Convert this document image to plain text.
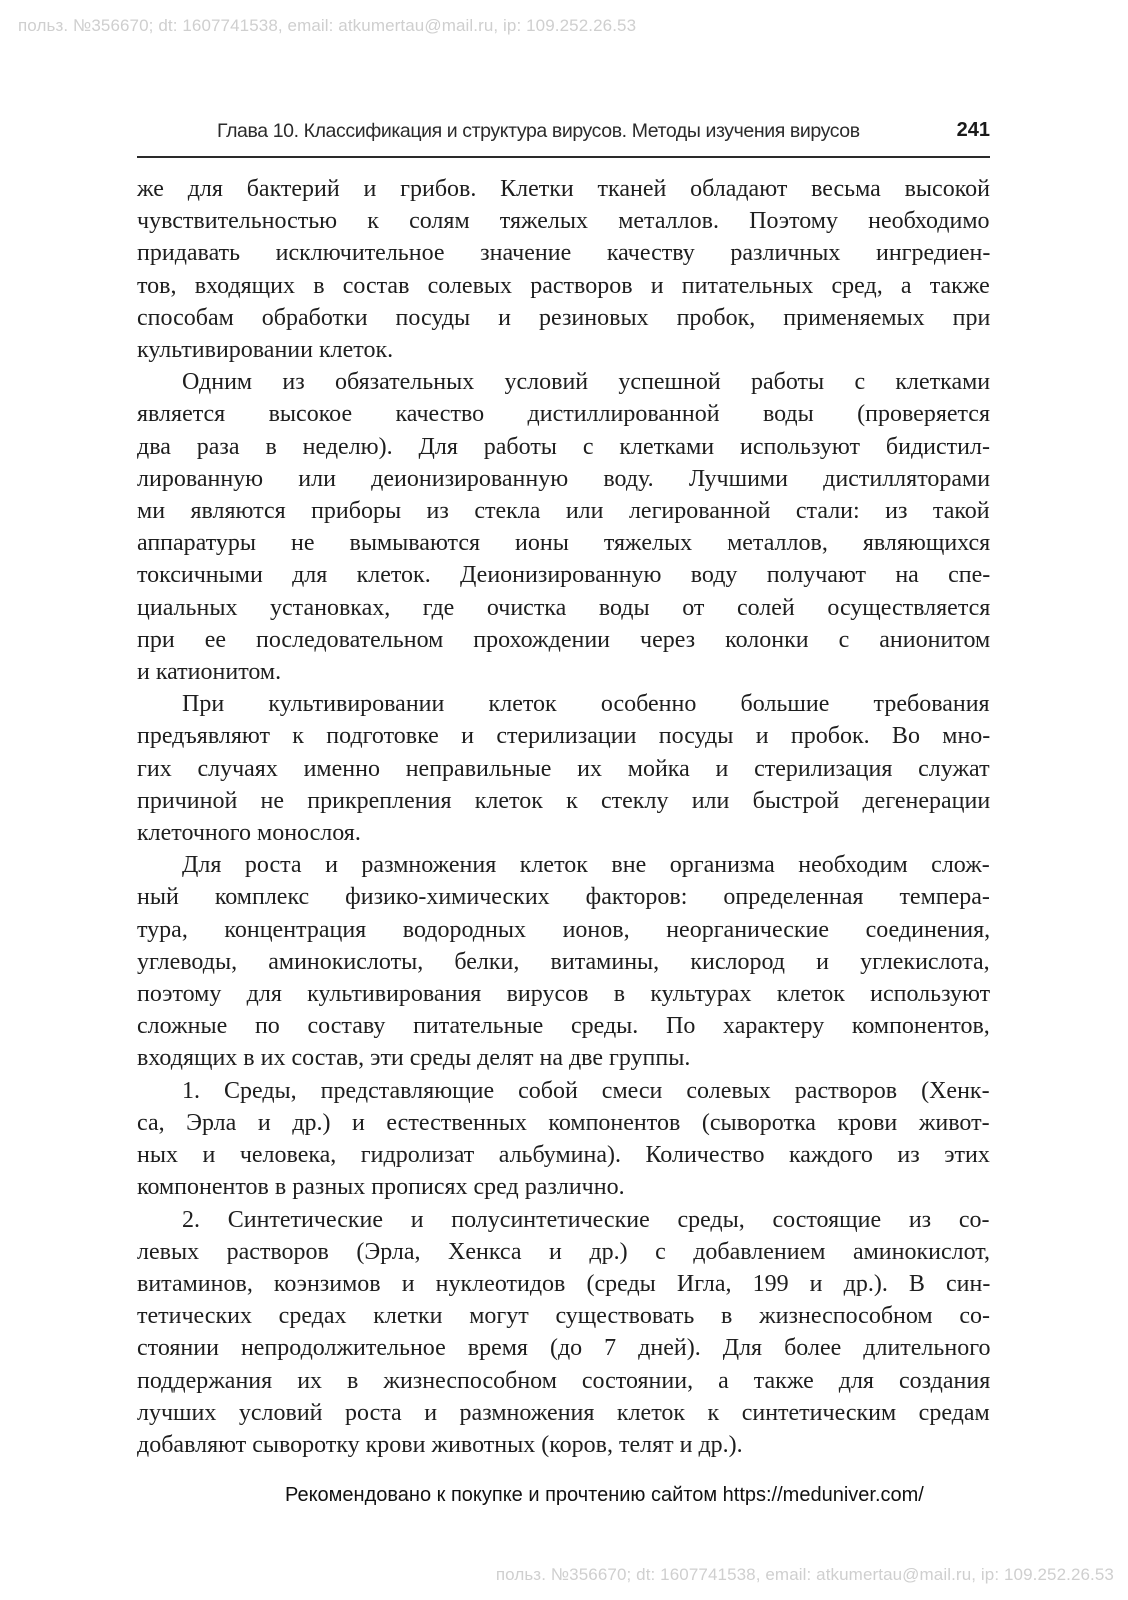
польз. №356670; dt: 1607741538, email: atkumertau@mail.ru, ip: 109.252.26.53

Глава 10. Классификация и структура вирусов. Методы изучения вирусов	241

же для бактерий и грибов. Клетки тканей обладают весьма высокой
чувствительностью к солям тяжелых металлов. Поэтому необходимо
придавать исключительное значение качеству различных ингредиен-
тов, входящих в состав солевых растворов и питательных сред, а также
способам обработки посуды и резиновых пробок, применяемых при
культивировании клеток.

Одним из обязательных условий успешной работы с клетками
является высокое качество дистиллированной воды (проверяется
два раза в неделю). Для работы с клетками используют бидистил-
лированную или деионизированную воду. Лучшими дистилляторами
ми являются приборы из стекла или легированной стали: из такой
аппаратуры не вымываются ионы тяжелых металлов, являющихся
токсичными для клеток. Деионизированную воду получают на спе-
циальных установках, где очистка воды от солей осуществляется
при ее последовательном прохождении через колонки с анионитом
и катионитом.

При культивировании клеток особенно большие требования
предъявляют к подготовке и стерилизации посуды и пробок. Во мно-
гих случаях именно неправильные их мойка и стерилизация служат
причиной не прикрепления клеток к стеклу или быстрой дегенерации
клеточного монослоя.

Для роста и размножения клеток вне организма необходим слож-
ный комплекс физико-химических факторов: определенная темпера-
тура, концентрация водородных ионов, неорганические соединения,
углеводы, аминокислоты, белки, витамины, кислород и углекислота,
поэтому для культивирования вирусов в культурах клеток используют
сложные по составу питательные среды. По характеру компонентов,
входящих в их состав, эти среды делят на две группы.

1. Среды, представляющие собой смеси солевых растворов (Хенк-
са, Эрла и др.) и естественных компонентов (сыворотка крови живот-
ных и человека, гидролизат альбумина). Количество каждого из этих
компонентов в разных прописях сред различно.

2. Синтетические и полусинтетические среды, состоящие из со-
левых растворов (Эрла, Хенкса и др.) с добавлением аминокислот,
витаминов, коэнзимов и нуклеотидов (среды Игла, 199 и др.). В син-
тетических средах клетки могут существовать в жизнеспособном со-
стоянии непродолжительное время (до 7 дней). Для более длительного
поддержания их в жизнеспособном состоянии, а также для создания
лучших условий роста и размножения клеток к синтетическим средам
добавляют сыворотку крови животных (коров, телят и др.).

Рекомендовано к покупке и прочтению сайтом https://meduniver.com/

польз. №356670; dt: 1607741538, email: atkumertau@mail.ru, ip: 109.252.26.53
